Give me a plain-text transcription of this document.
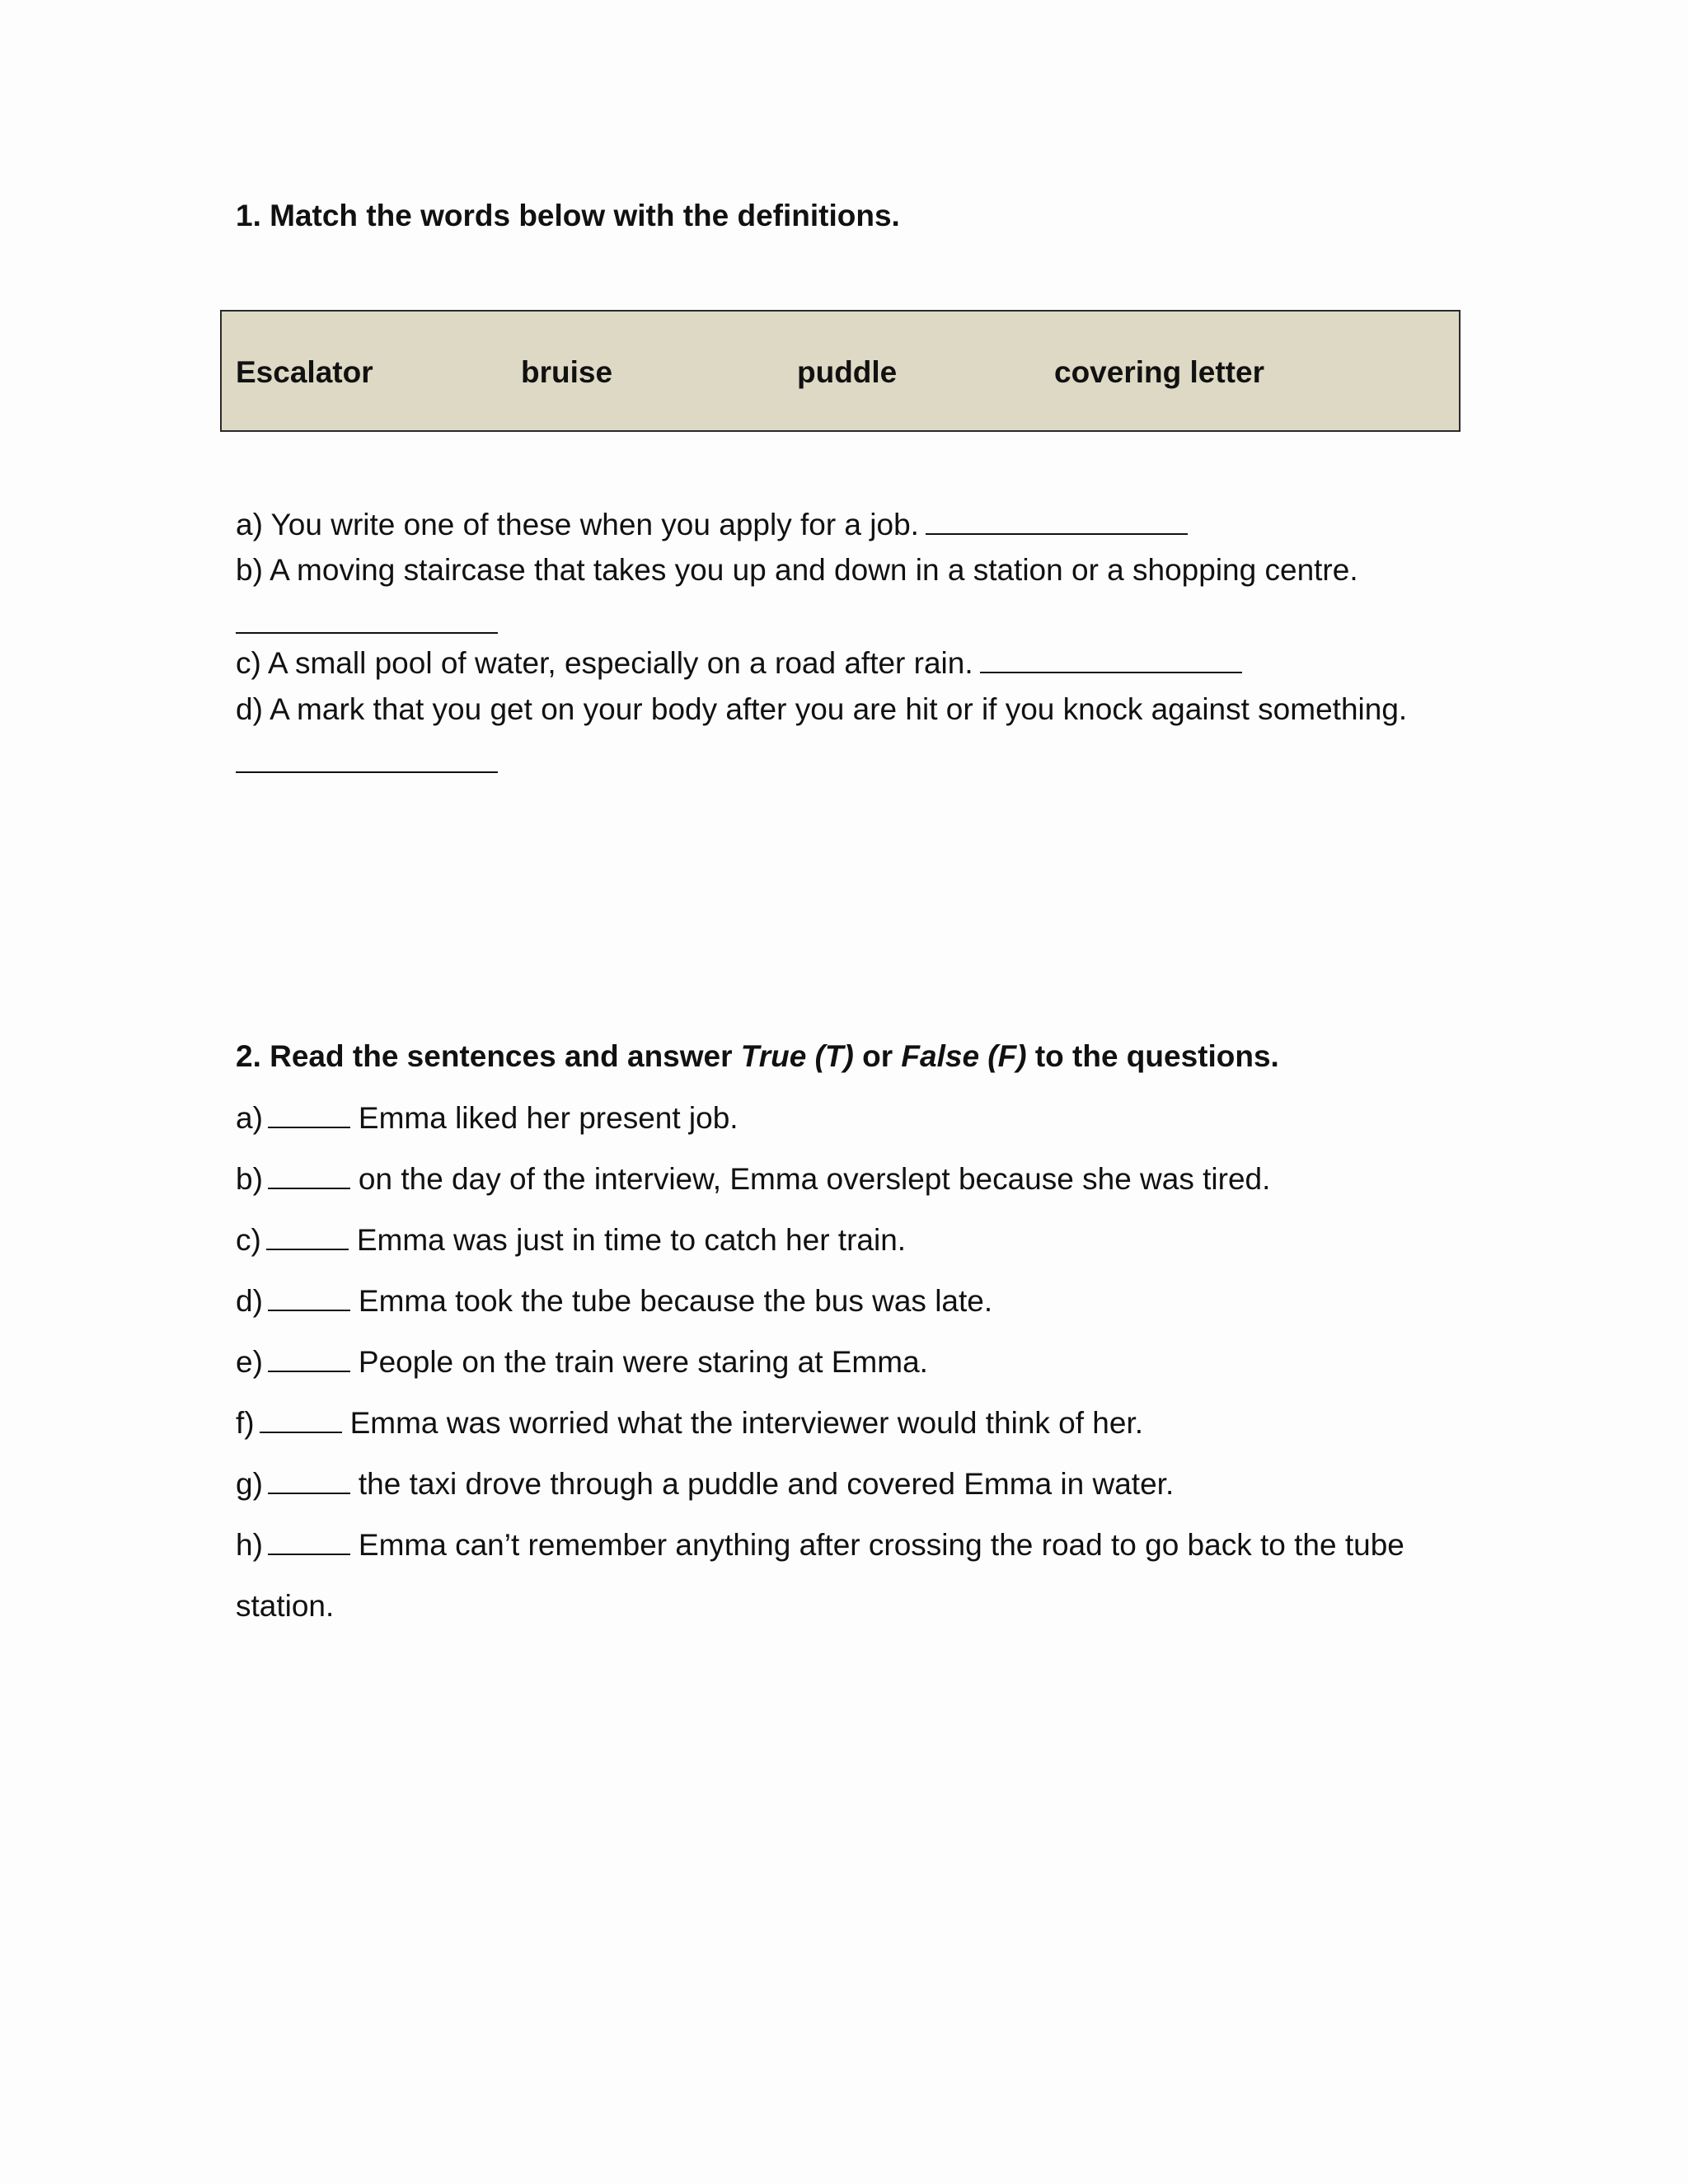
1. Match the words below with the definitions.
Escalator	bruise	puddle	covering letter
a) You write one of these when you apply for a job.
b) A moving staircase that takes you up and down in a station or a shopping centre.
c) A small pool of water, especially on a road after rain.
d) A mark that you get on your body after you are hit or if you knock against something.
2. Read the sentences and answer True (T) or False (F) to the questions.
a)	Emma liked her present job.
b)	on the day of the interview, Emma overslept because she was tired.
c)	Emma was just in time to catch her train.
d)	Emma took the tube because the bus was late.
e)	People on the train were staring at Emma.
f)	Emma was worried what the interviewer would think of her.
g)	the taxi drove through a puddle and covered Emma in water.
h)	Emma can’t remember anything after crossing the road to go back to the tube
station.
